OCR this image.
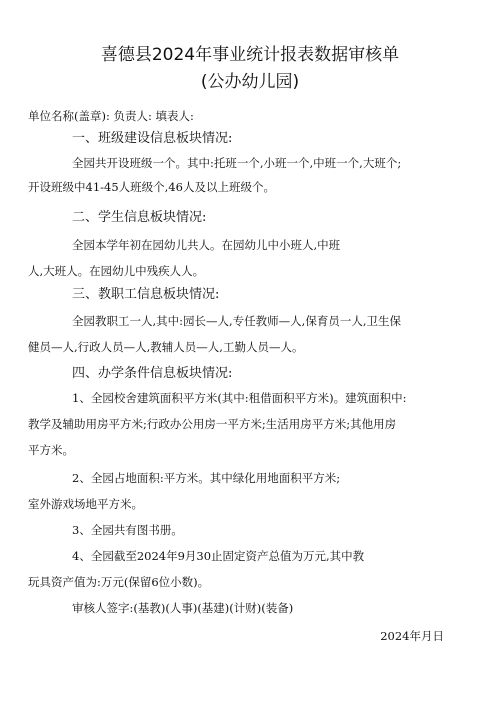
喜德县2024年事业统计报表数据审核单
(公办幼儿园)
单位名称(盖章): 负责人: 填表人:
一、班级建设信息板块情况:
全园共开设班级一个。其中:托班一个,小班一个,中班一个,大班个;
开设班级中41-45人班级个,46人及以上班级个。
二、学生信息板块情况:
全园本学年初在园幼儿共人。在园幼儿中小班人,中班
人,大班人。在园幼儿中残疾人人。
三、教职工信息板块情况:
全园教职工一人,其中:园长—人,专任教师—人,保育员一人,卫生保
健员—人,行政人员—人,教辅人员—人,工勤人员—人。
四、办学条件信息板块情况:
1、全园校舍建筑面积平方米(其中:租借面积平方米)。建筑面积中:
教学及辅助用房平方米;行政办公用房一平方米;生活用房平方米;其他用房
平方米。
2、全园占地面积:平方米。其中绿化用地面积平方米;
室外游戏场地平方米。
3、全园共有图书册。
4、全园截至2024年9月30止固定资产总值为万元,其中教
玩具资产值为:万元(保留6位小数)。
审核人签字:(基教)(人事)(基建)(计财)(装备)
2024年月日
